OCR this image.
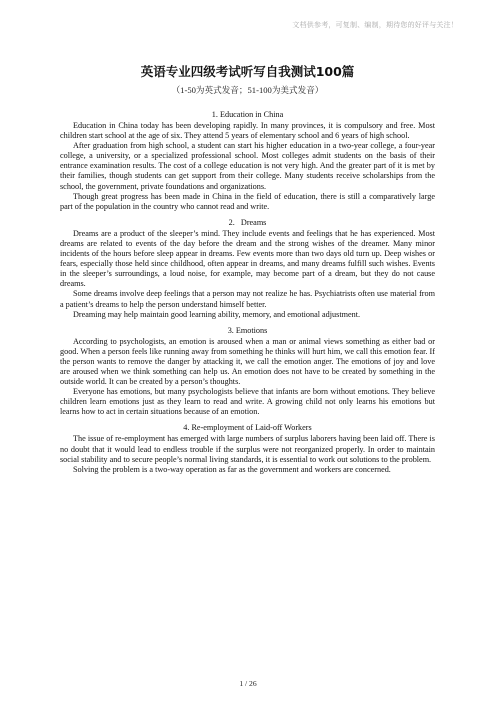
文档供参考，可复制、编制，期待您的好评与关注！
英语专业四级考试听写自我测试100篇
（1-50为英式发音；51-100为美式发音）
1. Education in China

Education in China today has been developing rapidly. In many provinces, it is compulsory and free. Most children start school at the age of six. They attend 5 years of elementary school and 6 years of high school.

After graduation from high school, a student can start his higher education in a two-year college, a four-year college, a university, or a specialized professional school. Most colleges admit students on the basis of their entrance examination results. The cost of a college education is not very high. And the greater part of it is met by their families, though students can get support from their college. Many students receive scholarships from the school, the government, private foundations and organizations.

Though great progress has been made in China in the field of education, there is still a comparatively large part of the population in the country who cannot read and write.

2.   Dreams

Dreams are a product of the sleeper’s mind. They include events and feelings that he has experienced. Most dreams are related to events of the day before the dream and the strong wishes of the dreamer. Many minor incidents of the hours before sleep appear in dreams. Few events more than two days old turn up. Deep wishes or fears, especially those held since childhood, often appear in dreams, and many dreams fulfill such wishes. Events in the sleeper’s surroundings, a loud noise, for example, may become part of a dream, but they do not cause dreams.

Some dreams involve deep feelings that a person may not realize he has. Psychiatrists often use material from a patient’s dreams to help the person understand himself better.

Dreaming may help maintain good learning ability, memory, and emotional adjustment.

3. Emotions

According to psychologists, an emotion is aroused when a man or animal views something as either bad or good. When a person feels like running away from something he thinks will hurt him, we call this emotion fear. If the person wants to remove the danger by attacking it, we call the emotion anger. The emotions of joy and love are aroused when we think something can help us. An emotion does not have to be created by something in the outside world. It can be created by a person’s thoughts.

Everyone has emotions, but many psychologists believe that infants are born without emotions. They believe children learn emotions just as they learn to read and write. A growing child not only learns his emotions but learns how to act in certain situations because of an emotion.

4. Re-employment of Laid-off Workers

The issue of re-employment has emerged with large numbers of surplus laborers having been laid off. There is no doubt that it would lead to endless trouble if the surplus were not reorganized properly. In order to maintain social stability and to secure people’s normal living standards, it is essential to work out solutions to the problem.

Solving the problem is a two-way operation as far as the government and workers are concerned.

1 / 26
